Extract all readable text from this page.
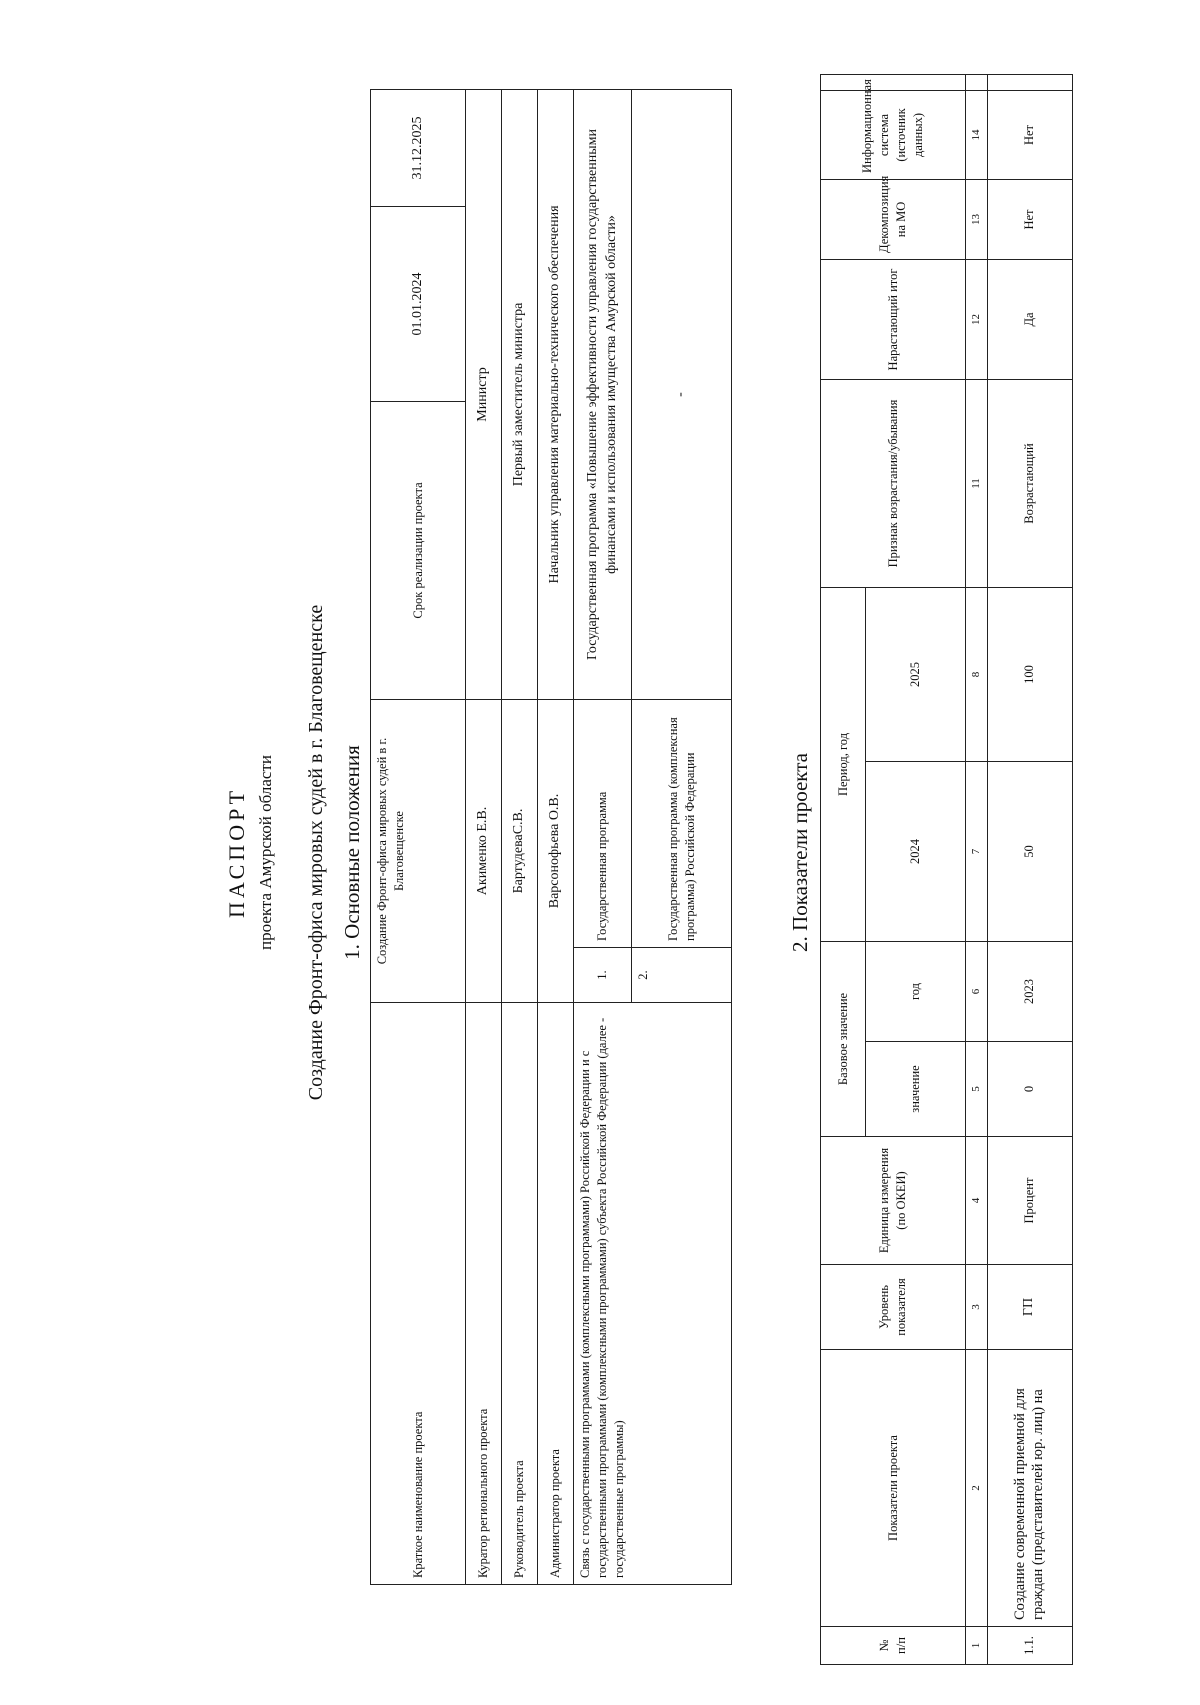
ПАСПОРТ проекта Амурской области Создание Фронт-офиса мировых судей в г. Благовещенске 1. Основные положения
Краткое наименование проекта	Создание Фронт-офиса мировых судей в г. Благовещенске		Срок реализации проекта	01.01.2024	31.12.2025
Куратор регионального проекта	Акименко Е.В.		Министр		
Руководитель проекта	БартудеваС.В.		Первый заместитель министра		
Администратор проекта	Варсонофьева О.В.		Начальник управления материально-технического обеспечения		
Связь с государственными программами (комплексными программами) Российской Федерации и с государственными программами (комплексными программами) субъекта Российской Федерации (далее - государственные программы)	1.	Государственная программа	Государственная программа «Повышение эффективности управления государственными финансами и использования имущества Амурской области»		
	2.	Государственная программа (комплексная программа) Российской Федерации	-		
2. Показатели проекта
№ п/п	Показатели проекта	Уровень показателя	Единица измерения (по ОКЕИ)	Базовое значение		Период, год		Признак возрастания/убывания	Нарастающий итог	Декомпозиция на МО	Информационная система (источник данных)	
				значение	год	2024	2025					
1	2	3	4	5	6	7	8	11	12	13	14	
1.1.	Создание современной приемной для граждан (представителей юр. лиц) на	ГП	Процент	0	2023	50	100	Возрастающий	Да	Нет	Нет	
